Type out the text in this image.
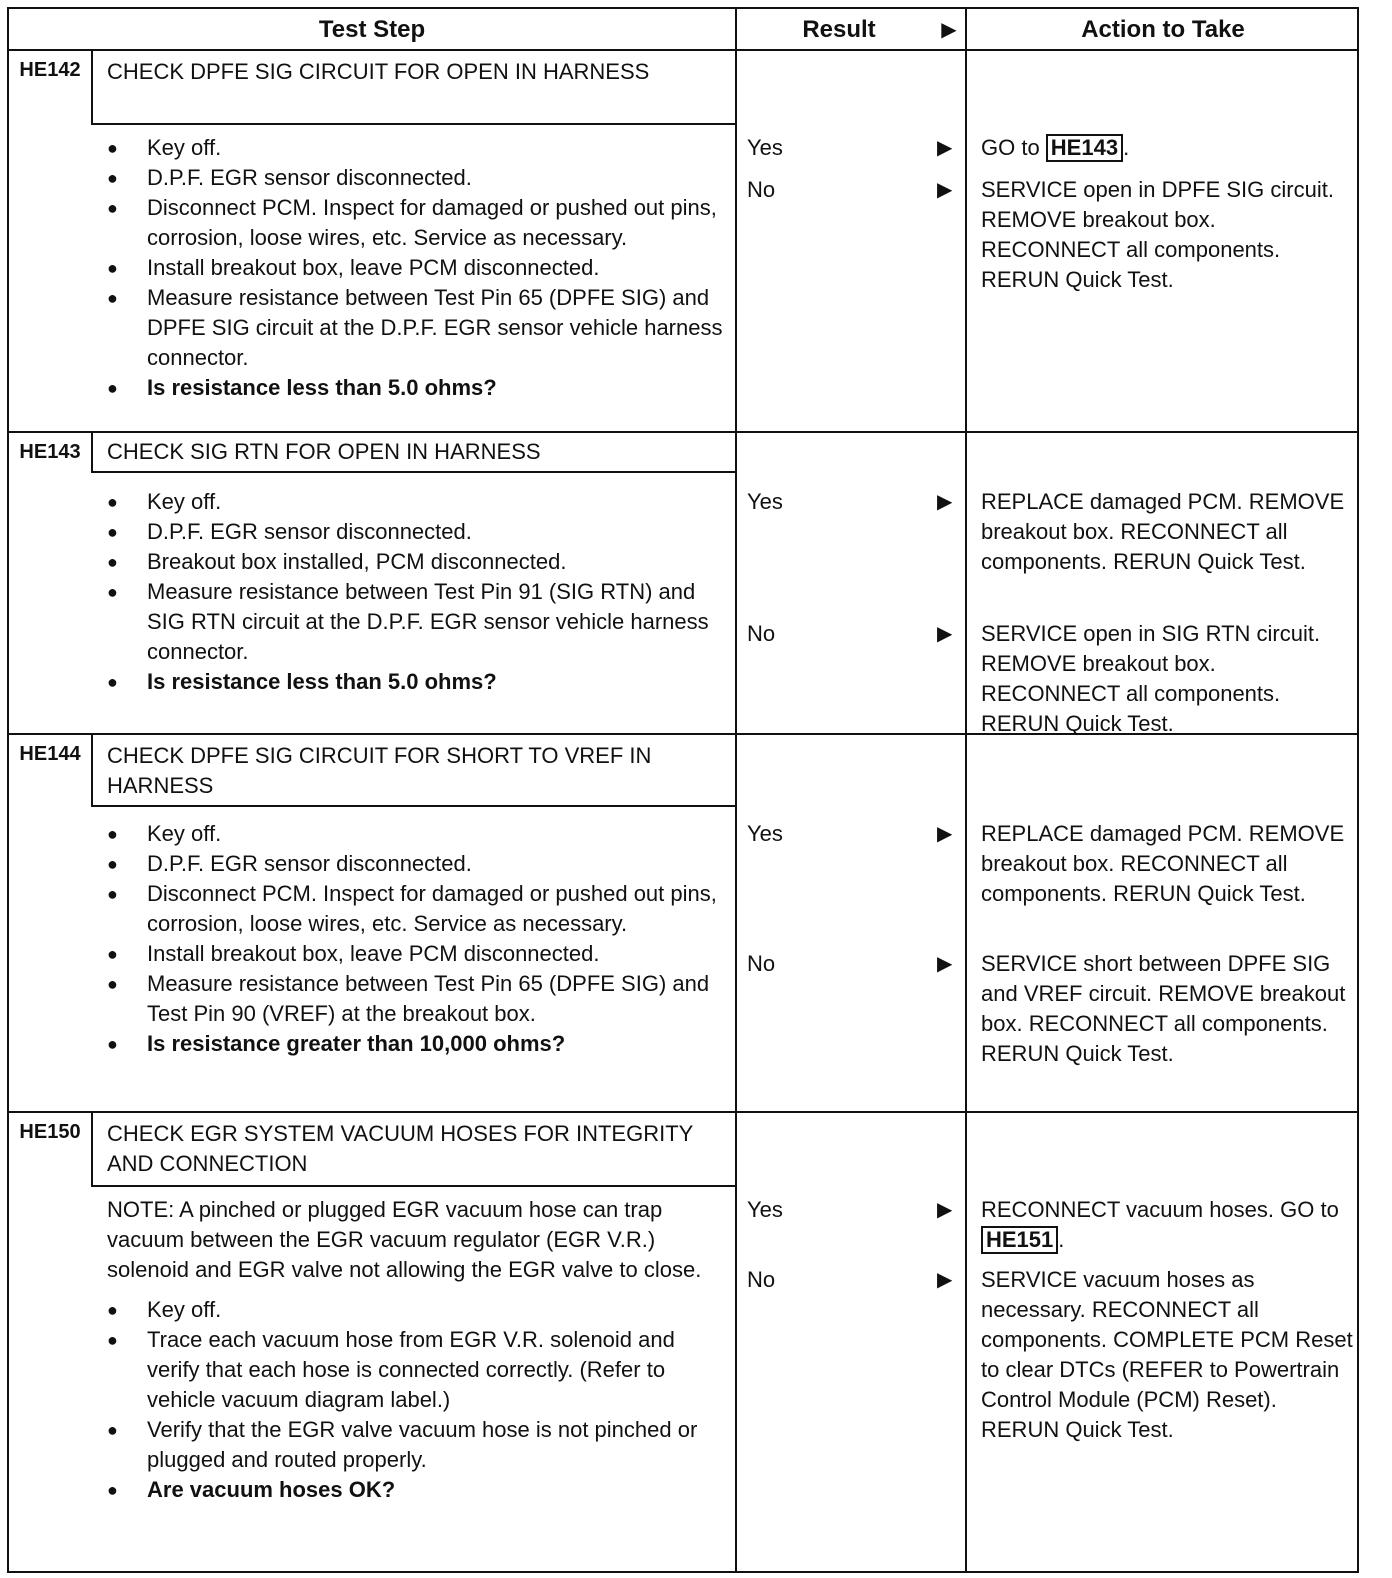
Test Step	Result	▶	Action to Take
HE142	CHECK DPFE SIG CIRCUIT FOR OPEN IN HARNESS
● Key off.
● D.P.F. EGR sensor disconnected.
● Disconnect PCM. Inspect for damaged or pushed out pins, corrosion, loose wires, etc. Service as necessary.
● Install breakout box, leave PCM disconnected.
● Measure resistance between Test Pin 65 (DPFE SIG) and DPFE SIG circuit at the D.P.F. EGR sensor vehicle harness connector.
● Is resistance less than 5.0 ohms?
Yes	▶ GO to HE143 .
No	▶ SERVICE open in DPFE SIG circuit. REMOVE breakout box. RECONNECT all components. RERUN Quick Test.
HE143	CHECK SIG RTN FOR OPEN IN HARNESS
● Key off.
● D.P.F. EGR sensor disconnected.
● Breakout box installed, PCM disconnected.
● Measure resistance between Test Pin 91 (SIG RTN) and SIG RTN circuit at the D.P.F. EGR sensor vehicle harness connector.
● Is resistance less than 5.0 ohms?
Yes	▶ REPLACE damaged PCM. REMOVE breakout box. RECONNECT all components. RERUN Quick Test.
No	▶ SERVICE open in SIG RTN circuit. REMOVE breakout box. RECONNECT all components. RERUN Quick Test.
HE144	CHECK DPFE SIG CIRCUIT FOR SHORT TO VREF IN HARNESS
● Key off.
● D.P.F. EGR sensor disconnected.
● Disconnect PCM. Inspect for damaged or pushed out pins, corrosion, loose wires, etc. Service as necessary.
● Install breakout box, leave PCM disconnected.
● Measure resistance between Test Pin 65 (DPFE SIG) and Test Pin 90 (VREF) at the breakout box.
● Is resistance greater than 10,000 ohms?
Yes	▶ REPLACE damaged PCM. REMOVE breakout box. RECONNECT all components. RERUN Quick Test.
No	▶ SERVICE short between DPFE SIG and VREF circuit. REMOVE breakout box. RECONNECT all components. RERUN Quick Test.
HE150	CHECK EGR SYSTEM VACUUM HOSES FOR INTEGRITY AND CONNECTION
NOTE: A pinched or plugged EGR vacuum hose can trap vacuum between the EGR vacuum regulator (EGR V.R.) solenoid and EGR valve not allowing the EGR valve to close.
● Key off.
● Trace each vacuum hose from EGR V.R. solenoid and verify that each hose is connected correctly. (Refer to vehicle vacuum diagram label.)
● Verify that the EGR valve vacuum hose is not pinched or plugged and routed properly.
● Are vacuum hoses OK?
Yes	▶ RECONNECT vacuum hoses. GO to HE151 .
No	▶ SERVICE vacuum hoses as necessary. RECONNECT all components. COMPLETE PCM Reset to clear DTCs (REFER to Powertrain Control Module (PCM) Reset). RERUN Quick Test.
